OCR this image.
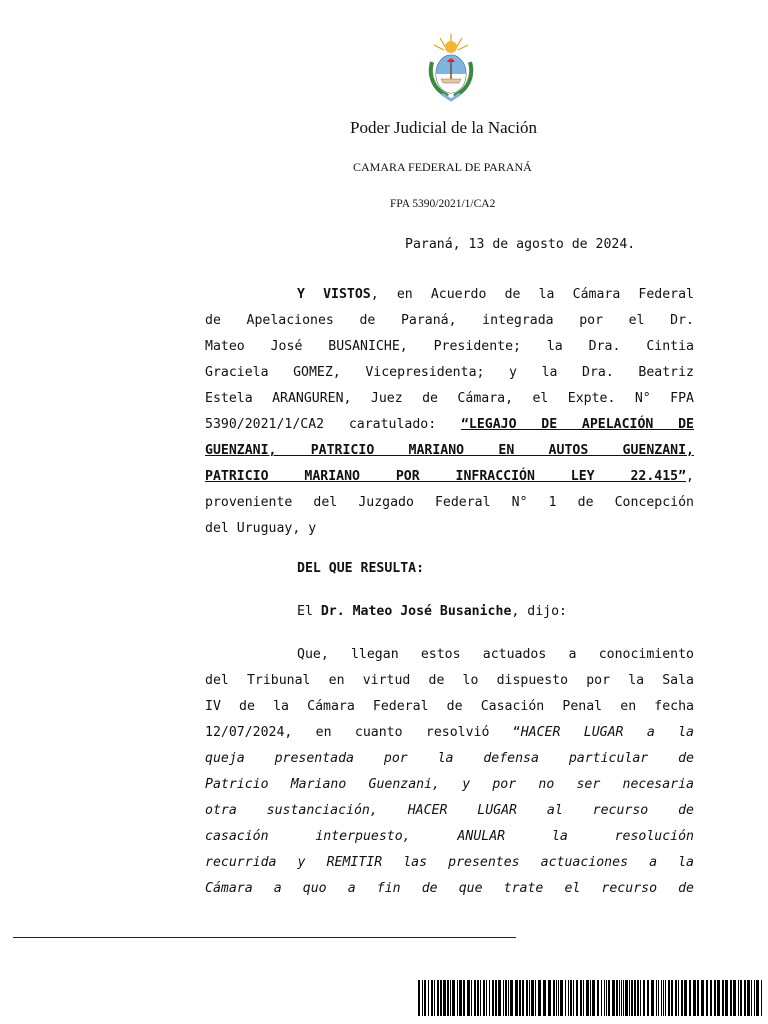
Poder Judicial de la Nación
CAMARA FEDERAL DE PARANÁ
FPA 5390/2021/1/CA2
Paraná, 13 de agosto de 2024.
Y VISTOS, en Acuerdo de la Cámara Federal
de Apelaciones de Paraná, integrada por el Dr.
Mateo José BUSANICHE, Presidente; la Dra. Cintia
Graciela GOMEZ, Vicepresidenta; y la Dra. Beatriz
Estela ARANGUREN, Juez de Cámara, el Expte. N° FPA
5390/2021/1/CA2 caratulado: “LEGAJO DE APELACIÓN DE
GUENZANI, PATRICIO MARIANO EN AUTOS GUENZANI,
PATRICIO MARIANO POR INFRACCIÓN LEY 22.415”,
proveniente del Juzgado Federal N° 1 de Concepción
del Uruguay, y
DEL QUE RESULTA:
El Dr. Mateo José Busaniche, dijo:
Que, llegan estos actuados a conocimiento
del Tribunal en virtud de lo dispuesto por la Sala
IV de la Cámara Federal de Casación Penal en fecha
12/07/2024, en cuanto resolvió “HACER LUGAR a la
queja presentada por la defensa particular de
Patricio Mariano Guenzani, y por no ser necesaria
otra sustanciación, HACER LUGAR al recurso de
casación interpuesto, ANULAR la resolución
recurrida y REMITIR las presentes actuaciones a la
Cámara a quo a fin de que trate el recurso de
